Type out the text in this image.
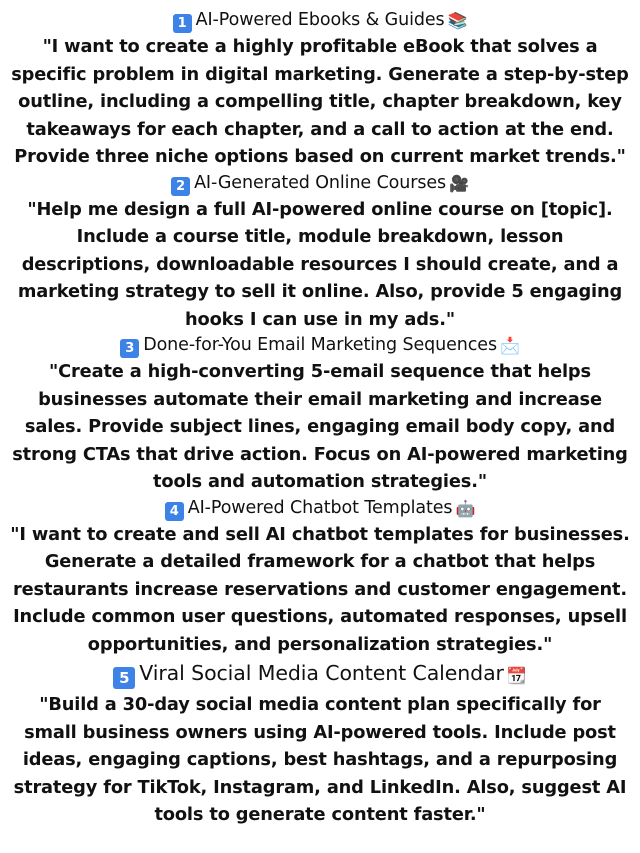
1 AI-Powered Ebooks & Guides 📚

"I want to create a highly profitable eBook that solves a specific problem in digital marketing. Generate a step-by-step outline, including a compelling title, chapter breakdown, key takeaways for each chapter, and a call to action at the end. Provide three niche options based on current market trends."

2 AI-Generated Online Courses 🎥

"Help me design a full AI-powered online course on [topic]. Include a course title, module breakdown, lesson descriptions, downloadable resources I should create, and a marketing strategy to sell it online. Also, provide 5 engaging hooks I can use in my ads."

3 Done-for-You Email Marketing Sequences 📩

"Create a high-converting 5-email sequence that helps businesses automate their email marketing and increase sales. Provide subject lines, engaging email body copy, and strong CTAs that drive action. Focus on AI-powered marketing tools and automation strategies."

4 AI-Powered Chatbot Templates 🤖

"I want to create and sell AI chatbot templates for businesses. Generate a detailed framework for a chatbot that helps restaurants increase reservations and customer engagement. Include common user questions, automated responses, upsell opportunities, and personalization strategies."

5 Viral Social Media Content Calendar 📆

"Build a 30-day social media content plan specifically for small business owners using AI-powered tools. Include post ideas, engaging captions, best hashtags, and a repurposing strategy for TikTok, Instagram, and LinkedIn. Also, suggest AI tools to generate content faster."
